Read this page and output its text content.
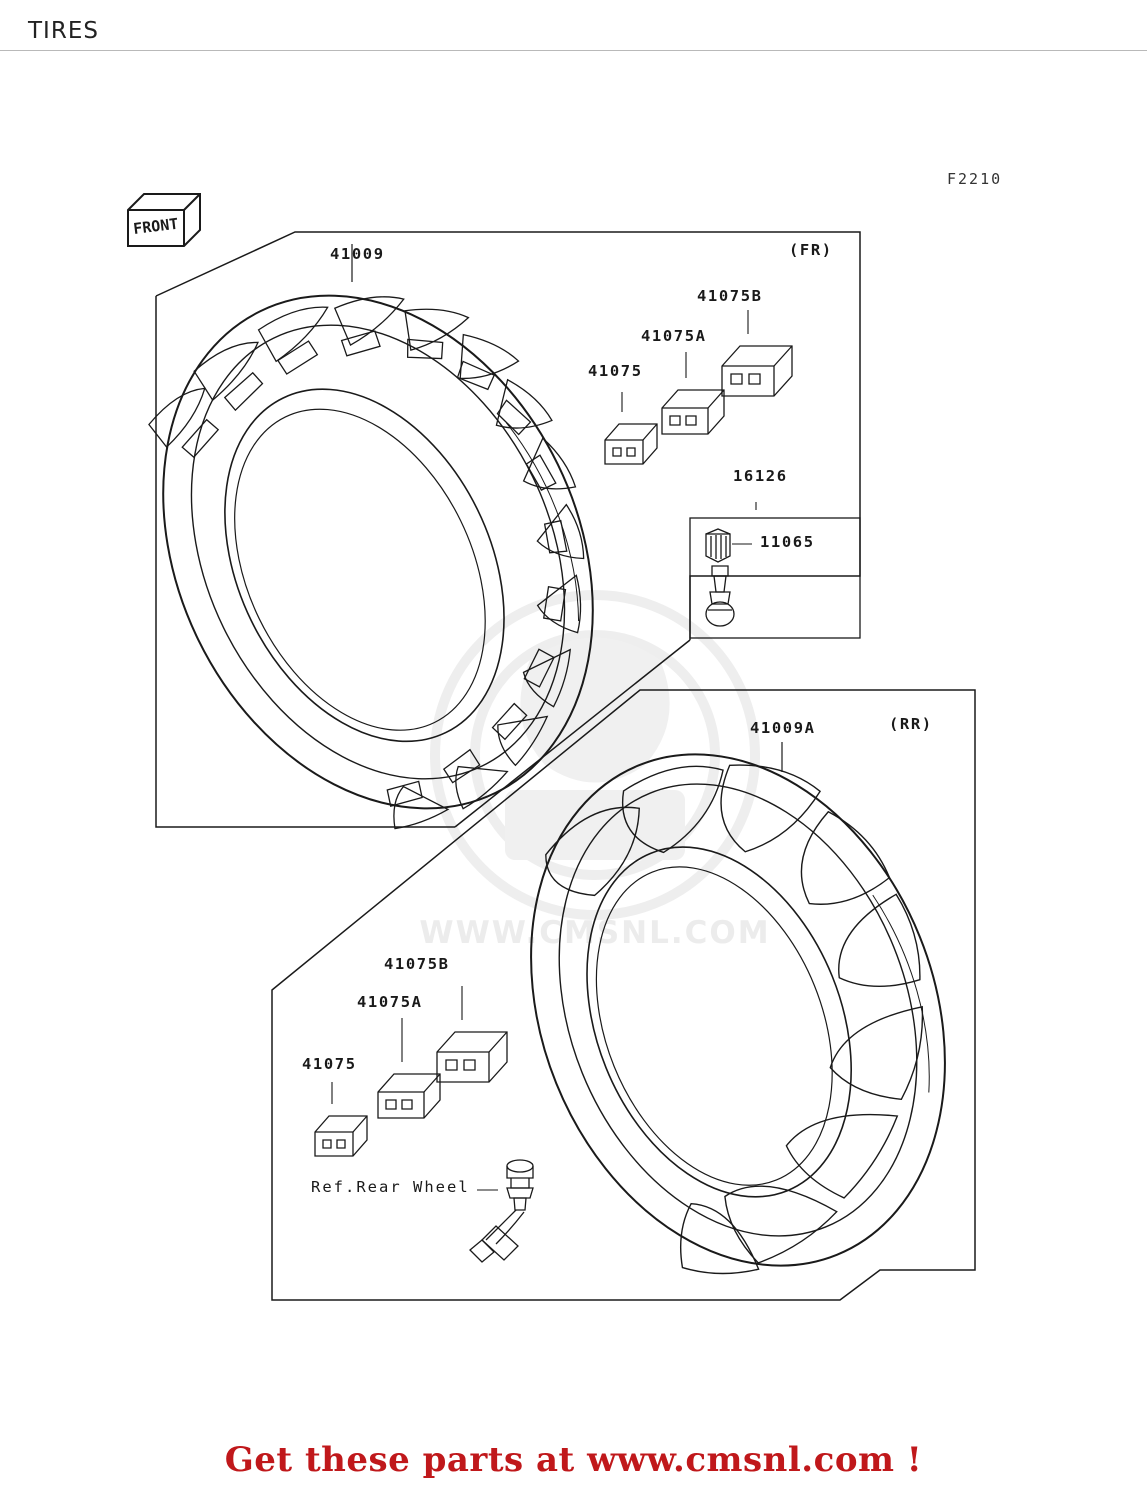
TIRES
F2210
WWW.CMSNL.COM
FRONT
41009	(FR)
41075
41075A
41075B
16126
11065
41009A	(RR)
41075
41075A
41075B
Ref.Rear Wheel
Get these parts at www.cmsnl.com !
